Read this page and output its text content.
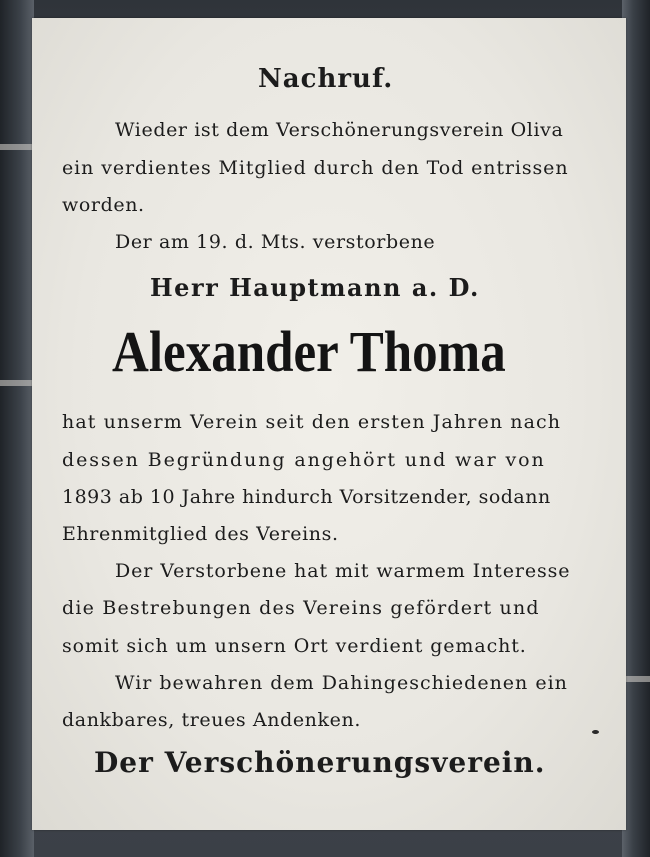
Nachruf.
Wieder ist dem Verschönerungsverein Oliva
ein verdientes Mitglied durch den Tod entrissen
worden.
Der am 19. d. Mts. verstorbene
Herr Hauptmann a. D.
Alexander Thoma
hat unserm Verein seit den ersten Jahren nach
dessen Begründung angehört und war von
1893 ab 10 Jahre hindurch Vorsitzender, sodann
Ehrenmitglied des Vereins.
Der Verstorbene hat mit warmem Interesse
die Bestrebungen des Vereins gefördert und
somit sich um unsern Ort verdient gemacht.
Wir bewahren dem Dahingeschiedenen ein
dankbares, treues Andenken.
Der Verschönerungsverein.
